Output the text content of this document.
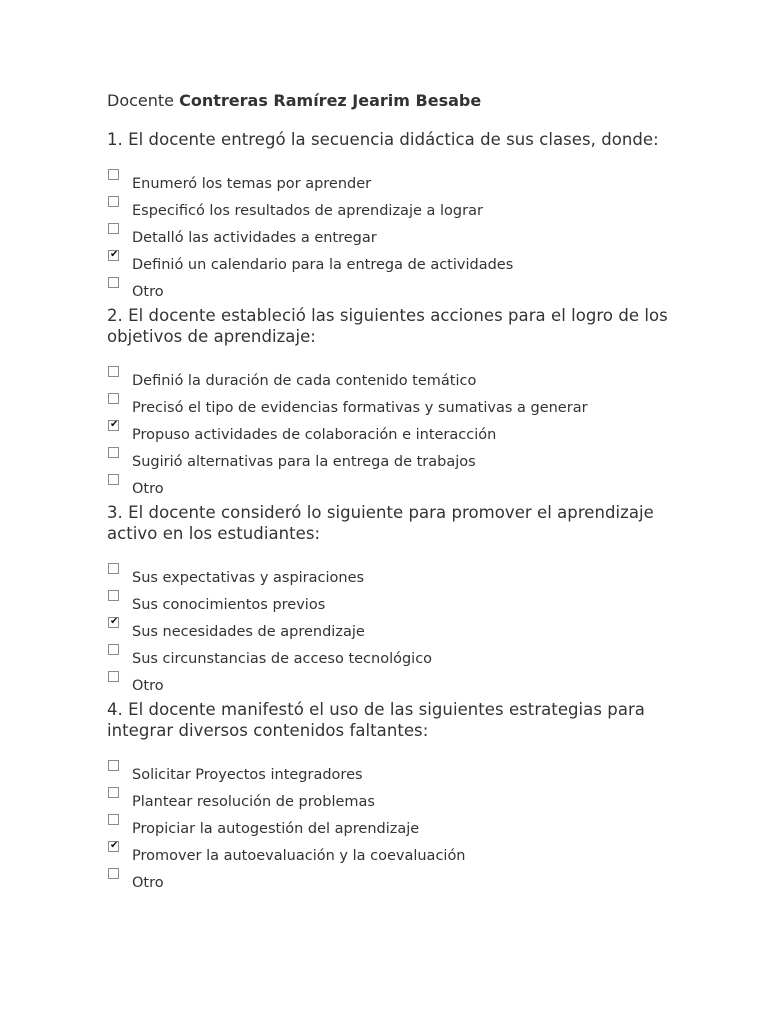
Docente Contreras Ramírez Jearim Besabe

1. El docente entregó la secuencia didáctica de sus clases, donde:

Enumeró los temas por aprender
Especificó los resultados de aprendizaje a lograr
Detalló las actividades a entregar
✔
Definió un calendario para la entrega de actividades
Otro

2. El docente estableció las siguientes acciones para el logro de los objetivos de aprendizaje:

Definió la duración de cada contenido temático
Precisó el tipo de evidencias formativas y sumativas a generar
✔
Propuso actividades de colaboración e interacción
Sugirió alternativas para la entrega de trabajos
Otro

3. El docente consideró lo siguiente para promover el aprendizaje activo en los estudiantes:

Sus expectativas y aspiraciones
Sus conocimientos previos
✔
Sus necesidades de aprendizaje
Sus circunstancias de acceso tecnológico
Otro

4. El docente manifestó el uso de las siguientes estrategias para integrar diversos contenidos faltantes:

Solicitar Proyectos integradores
Plantear resolución de problemas
Propiciar la autogestión del aprendizaje
✔
Promover la autoevaluación y la coevaluación
Otro
